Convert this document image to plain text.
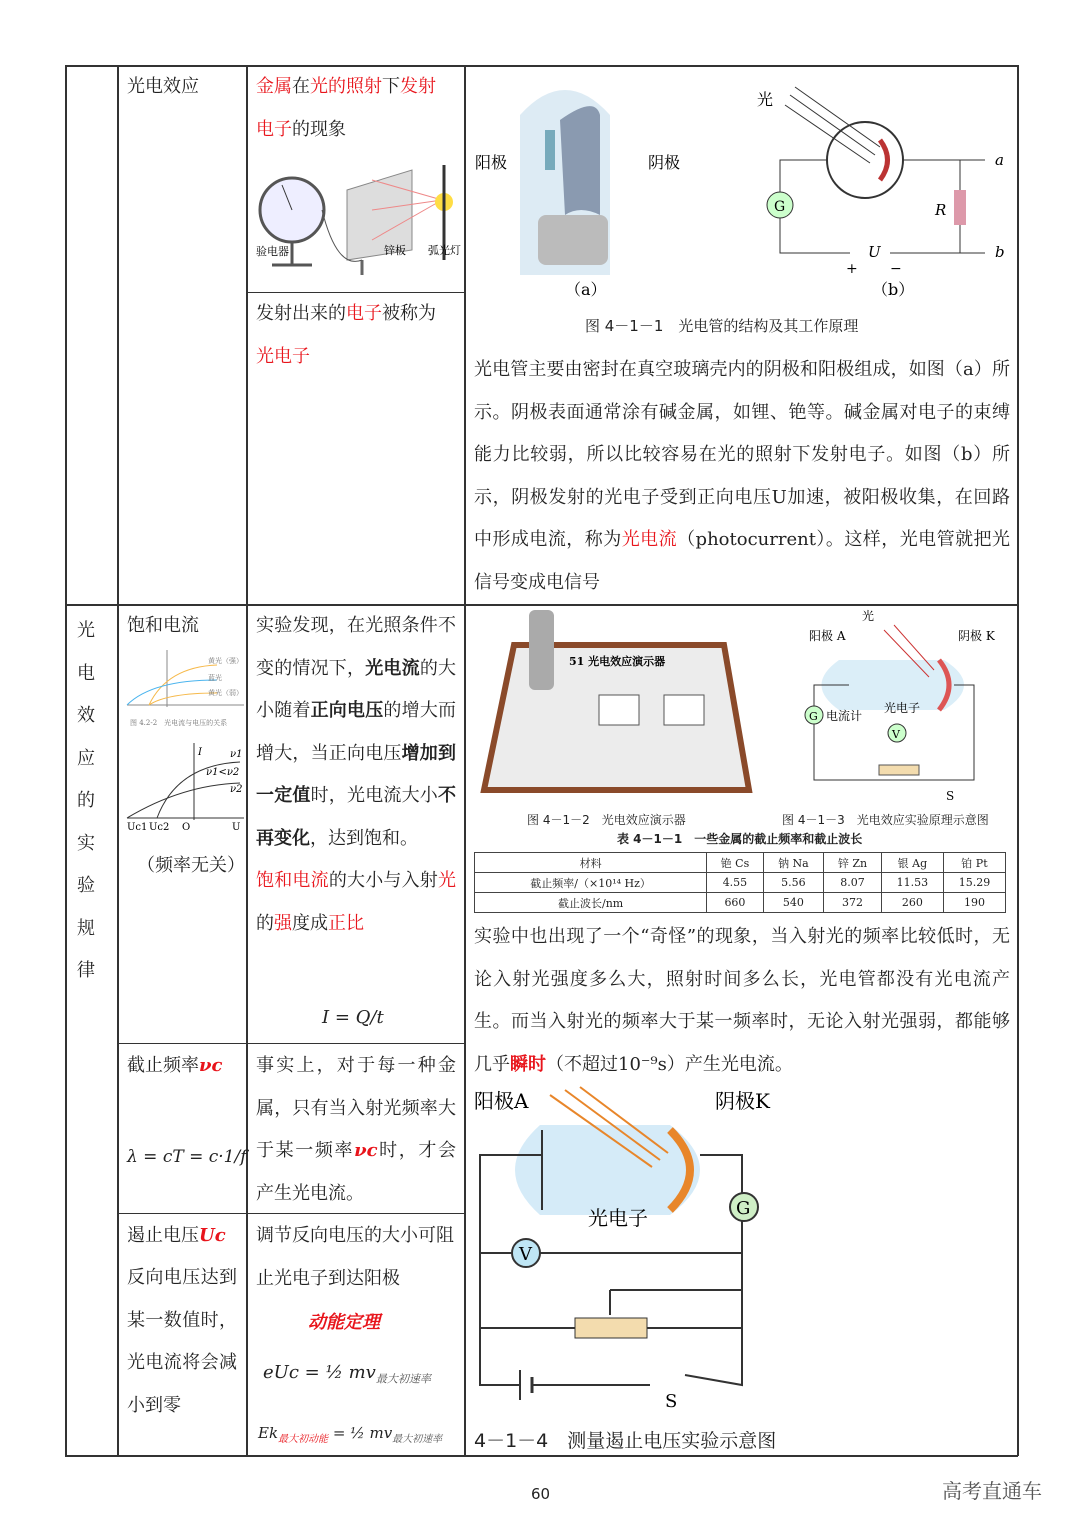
光电效应	金属在光的照射下发射
电子的现象
验电器	锌板 弧光灯
发射出来的电子被称为
光电子
阳极	阴极
（a）
光
G	R
U
a
b
+ −
（b）
图 4－1－1　光电管的结构及其工作原理
光电管主要由密封在真空玻璃壳内的阴极和阳极组成，如图（a）所示。阴极表面通常涂有碱金属，如锂、铯等。碱金属对电子的束缚能力比较弱，所以比较容易在光的照射下发射电子。如图（b）所示，阴极发射的光电子受到正向电压U加速，被阳极收集，在回路中形成电流，称为光电流（photocurrent）。这样，光电管就把光信号变成电信号
光
电
效
应
的
实
验
规
律
饱和电流
黄光（强）
蓝光
黄光（弱）
图 4.2-2　光电流与电压的关系
ν1
ν1<ν2
ν2
I
Uc1 Uc2 O	U
（频率无关）
实验发现，在光照条件不变的情况下，光电流的大小随着正向电压的增大而增大，当正向电压增加到一定值时，光电流大小不再变化，达到饱和。
饱和电流的大小与入射光的强度成正比
I = Q/t
截止频率νc
λ = cT = c·1/f
事实上，对于每一种金属，只有当入射光频率大于某一频率νc时，才会产生光电流。
遏止电压Uc
反向电压达到某一数值时，光电流将会减小到零
调节反向电压的大小可阻止光电子到达阳极
动能定理
eUc = ½ $mv_{最大初速率}$
$Ek_{最大初动能}$ = ½ $mv_{最大初速率}$
51 光电效应演示器
光
阳极 A	阴极 K
G 电流计
光电子
V
S
图 4－1－2　光电效应演示器	图 4－1－3　光电效应实验原理示意图
表 4－1－1　一些金属的截止频率和截止波长
材料	铯 Cs	钠 Na	锌 Zn	银 Ag	铂 Pt
截止频率/（×10¹⁴ Hz）	4.55	5.56	8.07	11.53	15.29
截止波长/nm	660	540	372	260	190
实验中也出现了一个“奇怪”的现象，当入射光的频率比较低时，无论入射光强度多么大，照射时间多么长，光电管都没有光电流产生。而当入射光的频率大于某一频率时，无论入射光强弱，都能够几乎瞬时（不超过10⁻⁹s）产生光电流。
V
G
阳极A	阴极K
光电子
S
4－1－4　测量遏止电压实验示意图
60	高考直通车
